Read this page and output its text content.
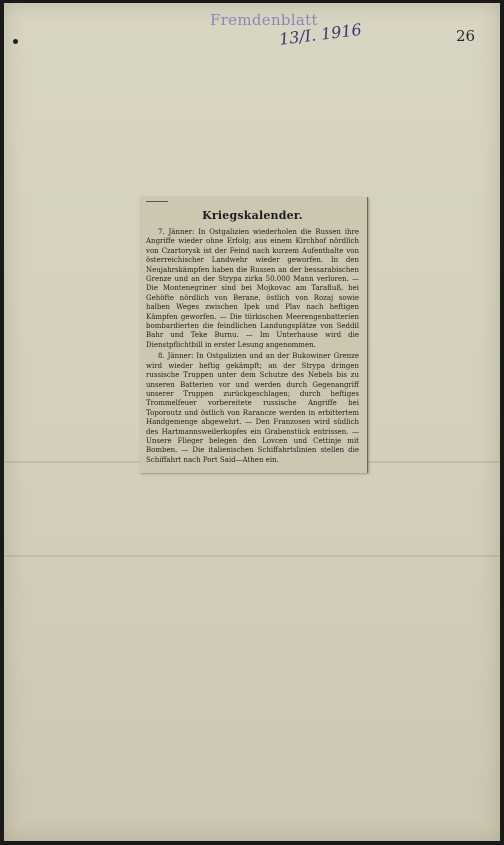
Fremdenblatt
13/I. 1916	26
Kriegskalender.

7. Jänner: In Ostgalizien wiederholen die Russen ihre Angriffe wieder ohne Erfolg; aus einem Kirchhof nördlich von Czartorysk ist der Feind nach kurzem Aufenthalte von österreichischer Landwehr wieder geworfen. In den Neujahrskämpfen haben die Russen an der bessarabischen Grenze und an der Strypa zirka 50.000 Mann verloren. — Die Montenegriner sind bei Mojkovac am Tarafluß, bei Gehöfte nördlich von Berane, östlich von Rozaj sowie halben Weges zwischen Ipek und Plav nach heftigen Kämpfen geworfen. — Die türkischen Meerengenbatterien bombardierten die feindlichen Landungsplätze von Seddil Bahr und Teke Burnu. — Im Unterhause wird die Dienstpflichtbill in erster Lesung angenommen.

8. Jänner: In Ostgalizien und an der Bukowiner Grenze wird wieder heftig gekämpft; an der Strypa dringen russische Truppen unter dem Schutze des Nebels bis zu unseren Batterien vor und werden durch Gegenangriff unserer Truppen zurückgeschlagen; durch heftiges Trommelfeuer vorbereitete russische Angriffe bei Toporoutz und östlich von Rarancze werden in erbittertem Handgemenge abgewehrt. — Den Franzosen wird südlich des Hartmannsweilerkopfes ein Grabenstück entrissen. — Unsere Flieger belegen den Lovcen und Cettinje mit Bomben. — Die italienischen Schiffahrtslinien stellen die Schiffahrt nach Port Said—Athen ein.
